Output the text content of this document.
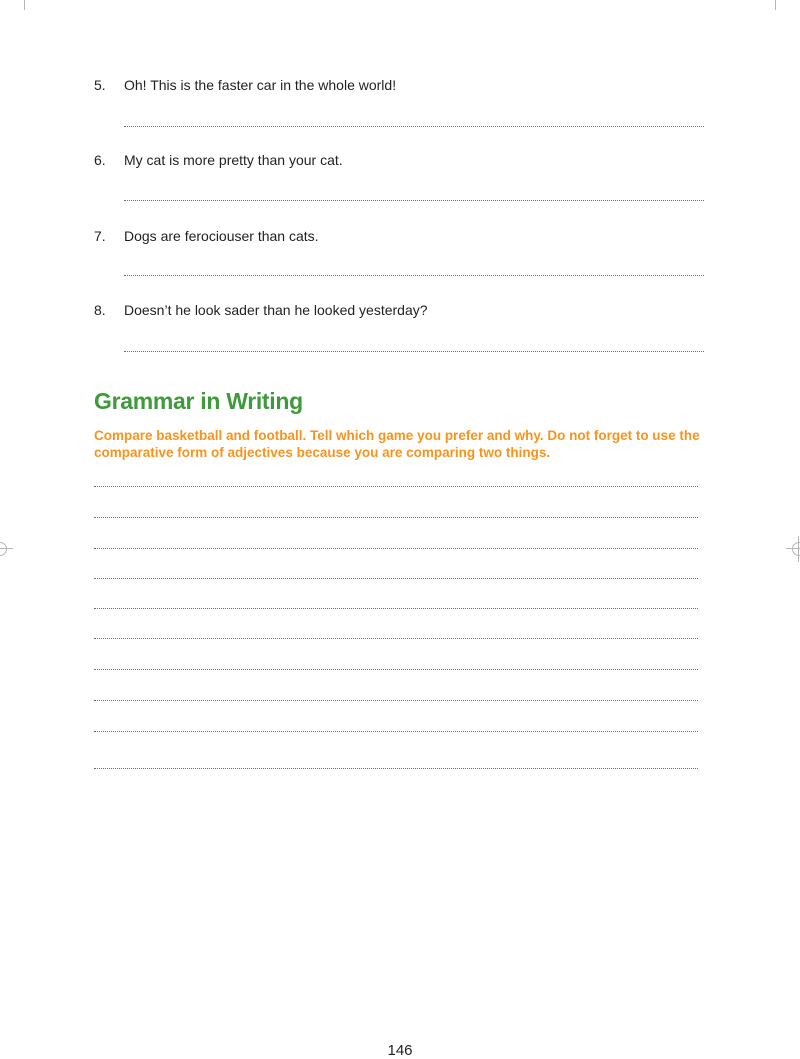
5.	Oh! This is the faster car in the whole world!
6.	My cat is more pretty than your cat.
7.	Dogs are ferociouser than cats.
8.	Doesn’t he look sader than he looked yesterday?
Grammar in Writing
Compare basketball and football. Tell which game you prefer and why. Do not forget to use the comparative form of adjectives because you are comparing two things.
146
